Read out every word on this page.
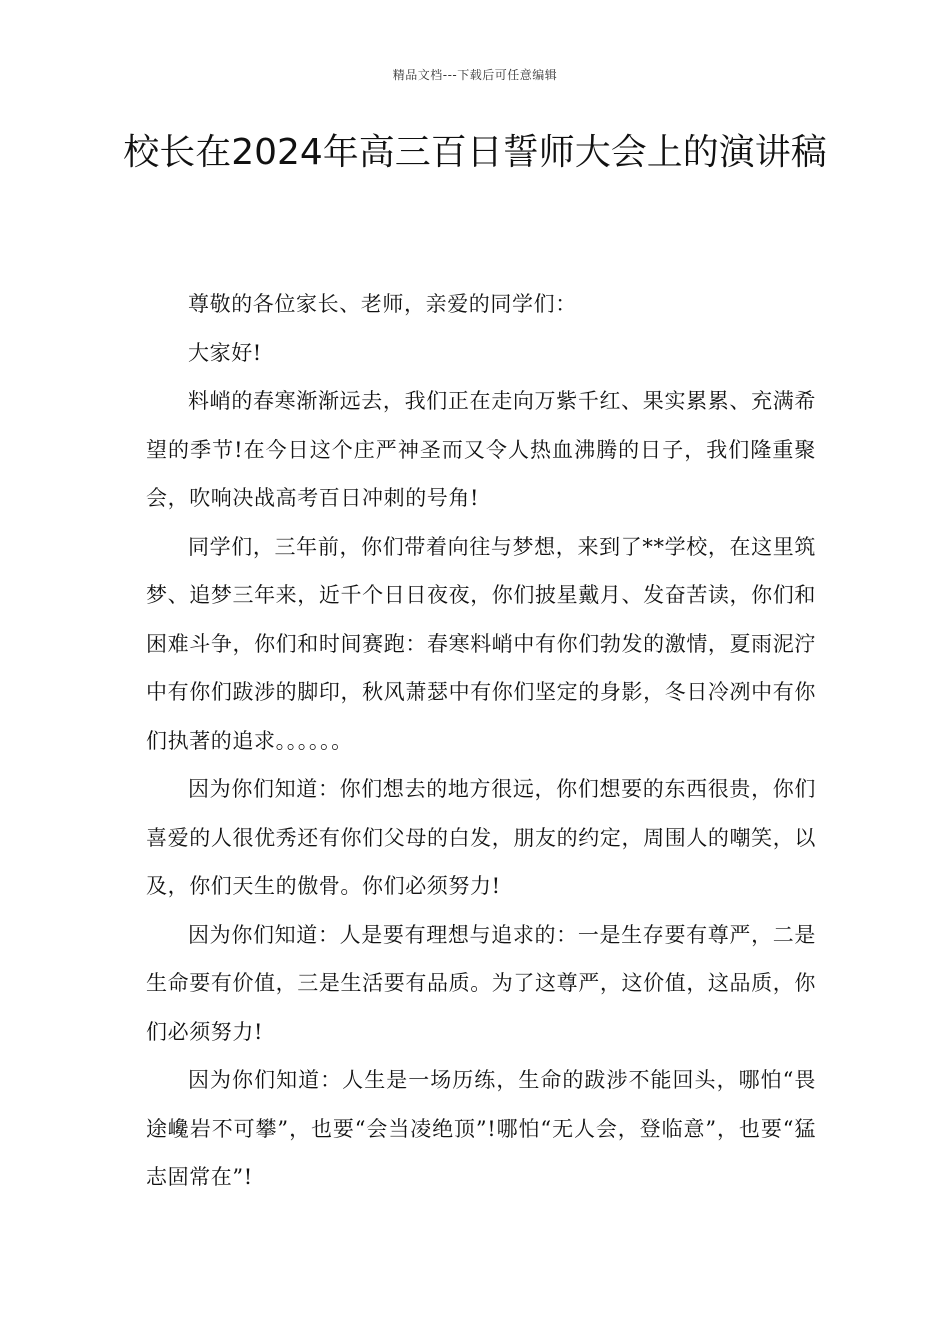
精品文档---下载后可任意编辑
校长在2024年高三百日誓师大会上的演讲稿

尊敬的各位家长、老师，亲爱的同学们：

大家好!

料峭的春寒渐渐远去，我们正在走向万紫千红、果实累累、充满希望的季节!在今日这个庄严神圣而又令人热血沸腾的日子，我们隆重聚会，吹响决战高考百日冲刺的号角!

同学们，三年前，你们带着向往与梦想，来到了**学校，在这里筑梦、追梦三年来，近千个日日夜夜，你们披星戴月、发奋苦读，你们和困难斗争，你们和时间赛跑：春寒料峭中有你们勃发的激情，夏雨泥泞中有你们跋涉的脚印，秋风萧瑟中有你们坚定的身影，冬日冷冽中有你们执著的追求。。。。。。

因为你们知道：你们想去的地方很远，你们想要的东西很贵，你们喜爱的人很优秀还有你们父母的白发，朋友的约定，周围人的嘲笑，以及，你们天生的傲骨。你们必须努力!

因为你们知道：人是要有理想与追求的：一是生存要有尊严，二是生命要有价值，三是生活要有品质。为了这尊严，这价值，这品质，你们必须努力!

因为你们知道：人生是一场历练，生命的跋涉不能回头，哪怕“畏途巉岩不可攀”，也要“会当凌绝顶”!哪怕“无人会，登临意”，也要“猛志固常在”!
